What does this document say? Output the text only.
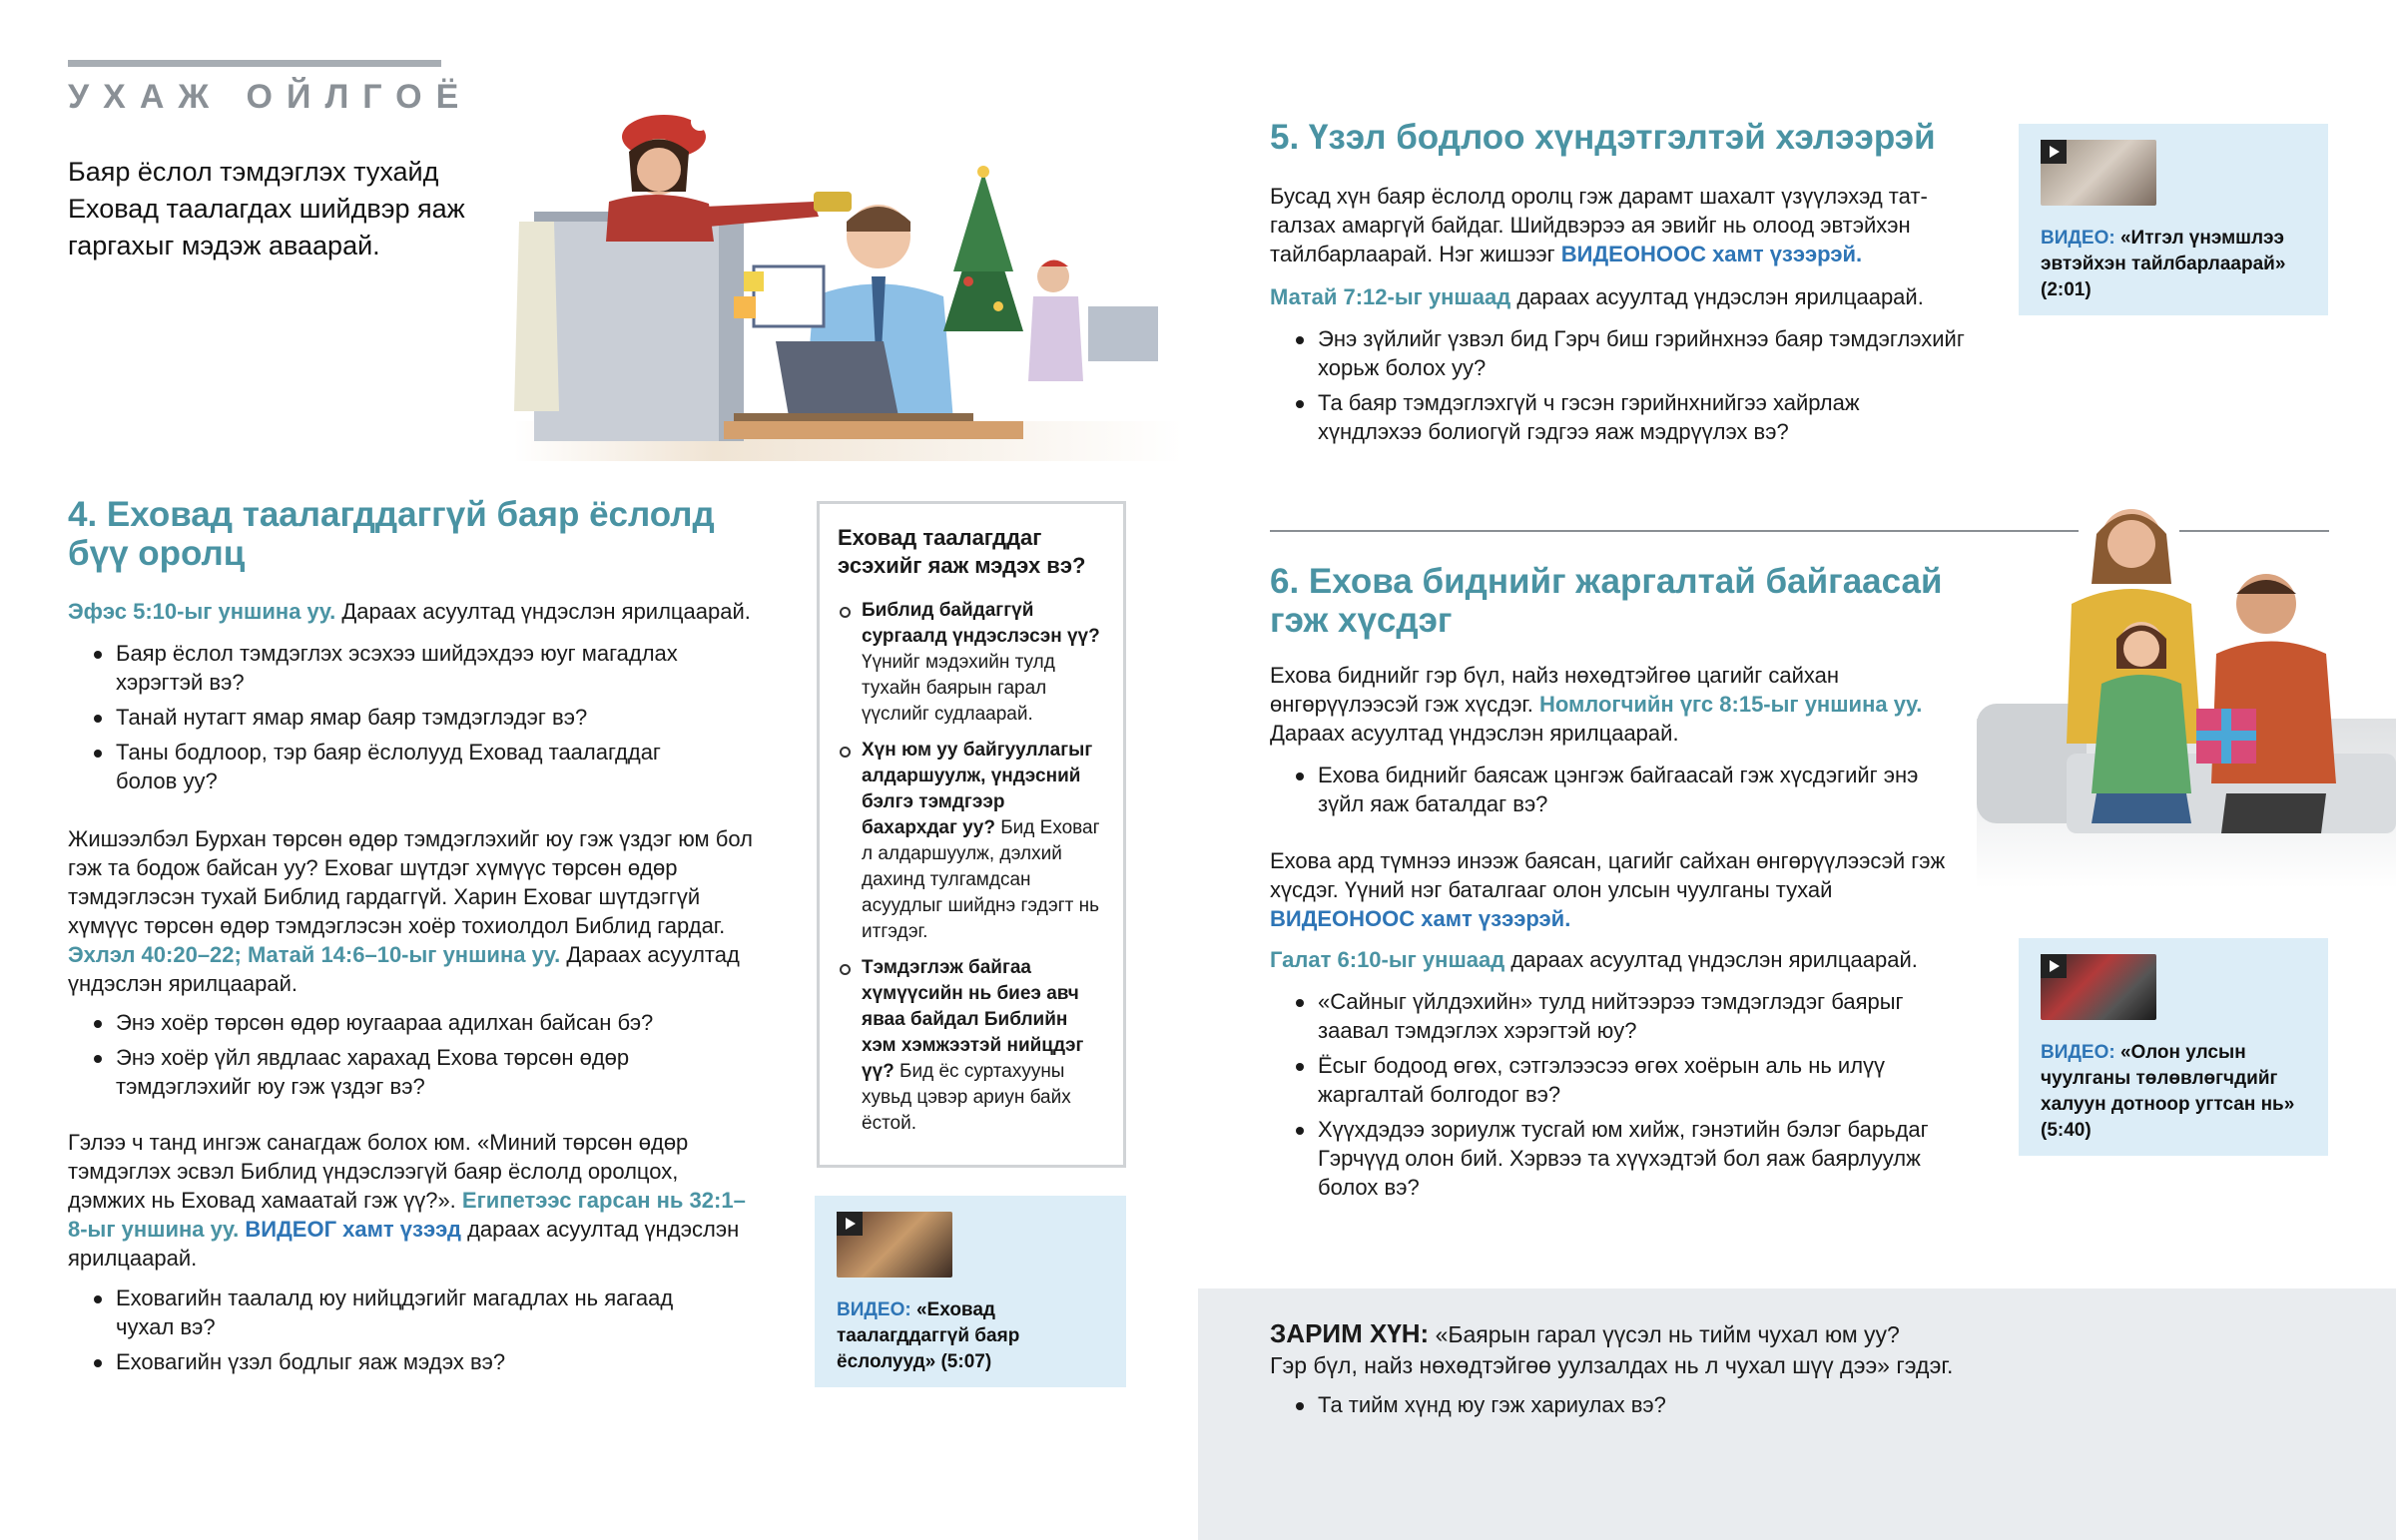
УХАЖ ОЙЛГОЁ
Баяр ёслол тэмдэглэх тухайд Еховад таалагдах шийдвэр яаж гаргахыг мэдэж аваарай.
4. Еховад таалагддаггүй баяр ёслолд
бүү оролц

Эфэс 5:10-ыг уншина уу. Дараах асуултад үндэслэн ярилцаарай.

Баяр ёслол тэмдэглэх эсэхээ шийдэхдээ юуг магадлах хэрэгтэй вэ?
Танай нутагт ямар ямар баяр тэмдэглэдэг вэ?
Таны бодлоор, тэр баяр ёслолууд Еховад таалагддаг болов уу?

Жишээлбэл Бурхан төрсөн өдөр тэмдэглэхийг юу гэж үздэг юм бол гэж та бодож байсан уу? Еховаг шүтдэг хүмүүс төрсөн өдөр тэмдэглэсэн тухай Библид гардаггүй. Харин Еховаг шүтдэггүй хүмүүс төрсөн өдөр тэмдэглэсэн хоёр тохиолдол Библид гардаг. Эхлэл 40:20–22; Матай 14:6–10-ыг уншина уу. Дараах асуултад үндэслэн ярилцаарай.

Энэ хоёр төрсөн өдөр юугаараа адилхан байсан бэ?
Энэ хоёр үйл явдлаас харахад Ехова төрсөн өдөр тэмдэглэхийг юу гэж үздэг вэ?

Гэлээ ч танд ингэж санагдаж болох юм. «Миний төрсөн өдөр тэмдэглэх эсвэл Библид үндэслээгүй баяр ёслолд оролцох, дэмжих нь Еховад хамаатай гэж үү?». Египетээс гарсан нь 32:1–8-ыг уншина уу. ВИДЕОГ хамт үзээд дараах асуултад үндэслэн ярилцаарай.

Еховагийн таалалд юу нийцдэгийг магадлах нь яагаад чухал вэ?
Еховагийн үзэл бодлыг яаж мэдэх вэ?
Еховад таалагддаг эсэхийг яаж мэдэх вэ?
Библид байдаггүй сургаалд үндэслэсэн үү? Үүнийг мэдэхийн тулд тухайн баярын гарал үүслийг судлаарай.
Хүн юм уу байгууллагыг алдаршуулж, үндэсний бэлгэ тэмдгээр бахархдаг уу? Бид Еховаг л алдаршуулж, дэлхий дахинд тулгамдсан асуудлыг шийднэ гэдэгт нь итгэдэг.
Тэмдэглэж байгаа хүмүүсийн нь биеэ авч яваа байдал Библийн хэм хэмжээтэй нийцдэг үү? Бид ёс суртахууны хувьд цэвэр ариун байх ёстой.
ВИДЕО: «Еховад таалагддаггүй баяр ёслолууд» (5:07)
5. Үзэл бодлоо хүндэтгэлтэй хэлээрэй

Бусад хүн баяр ёслолд оролц гэж дарамт шахалт үзүүлэхэд татгалзах амаргүй байдаг. Шийдвэрээ ая эвийг нь олоод эвтэйхэн тайлбарлаарай. Нэг жишээг ВИДЕОНООС хамт үзээрэй.

Матай 7:12-ыг уншаад дараах асуултад үндэслэн ярилцаарай.

Энэ зүйлийг үзвэл бид Гэрч биш гэрийнхнээ баяр тэмдэглэхийг хорьж болох уу?
Та баяр тэмдэглэхгүй ч гэсэн гэрийнхнийгээ хайрлаж хүндлэхээ болиогүй гэдгээ яаж мэдрүүлэх вэ?
ВИДЕО: «Итгэл үнэмшлээ эвтэйхэн тайлбарлаарай» (2:01)
6. Ехова биднийг жаргалтай байгаасай
гэж хүсдэг

Ехова биднийг гэр бүл, найз нөхөдтэйгөө цагийг сайхан өнгөрүүлээсэй гэж хүсдэг. Номлогчийн үгс 8:15-ыг уншина уу. Дараах асуултад үндэслэн ярилцаарай.

Ехова биднийг баясаж цэнгэж байгаасай гэж хүсдэгийг энэ зүйл яаж баталдаг вэ?

Ехова ард түмнээ инээж баясан, цагийг сайхан өнгөрүүлээсэй гэж хүсдэг. Үүний нэг баталгааг олон улсын чуулганы тухай ВИДЕОНООС хамт үзээрэй.

Галат 6:10-ыг уншаад дараах асуултад үндэслэн ярилцаарай.

«Сайныг үйлдэхийн» тулд нийтээрээ тэмдэглэдэг баярыг заавал тэмдэглэх хэрэгтэй юу?
Ёсыг бодоод өгөх, сэтгэлээсээ өгөх хоёрын аль нь илүү жаргалтай болгодог вэ?
Хүүхдэдээ зориулж тусгай юм хийж, гэнэтийн бэлэг барьдаг Гэрчүүд олон бий. Хэрвээ та хүүхэдтэй бол яаж баярлуулж болох вэ?
ВИДЕО: «Олон улсын чуулганы төлөвлөгчдийг халуун дотноор угтсан нь» (5:40)

ЗАРИМ ХҮН: «Баярын гарал үүсэл нь тийм чухал юм уу?
Гэр бүл, найз нөхөдтэйгөө уулзалдах нь л чухал шүү дээ» гэдэг.

Та тийм хүнд юу гэж хариулах вэ?
